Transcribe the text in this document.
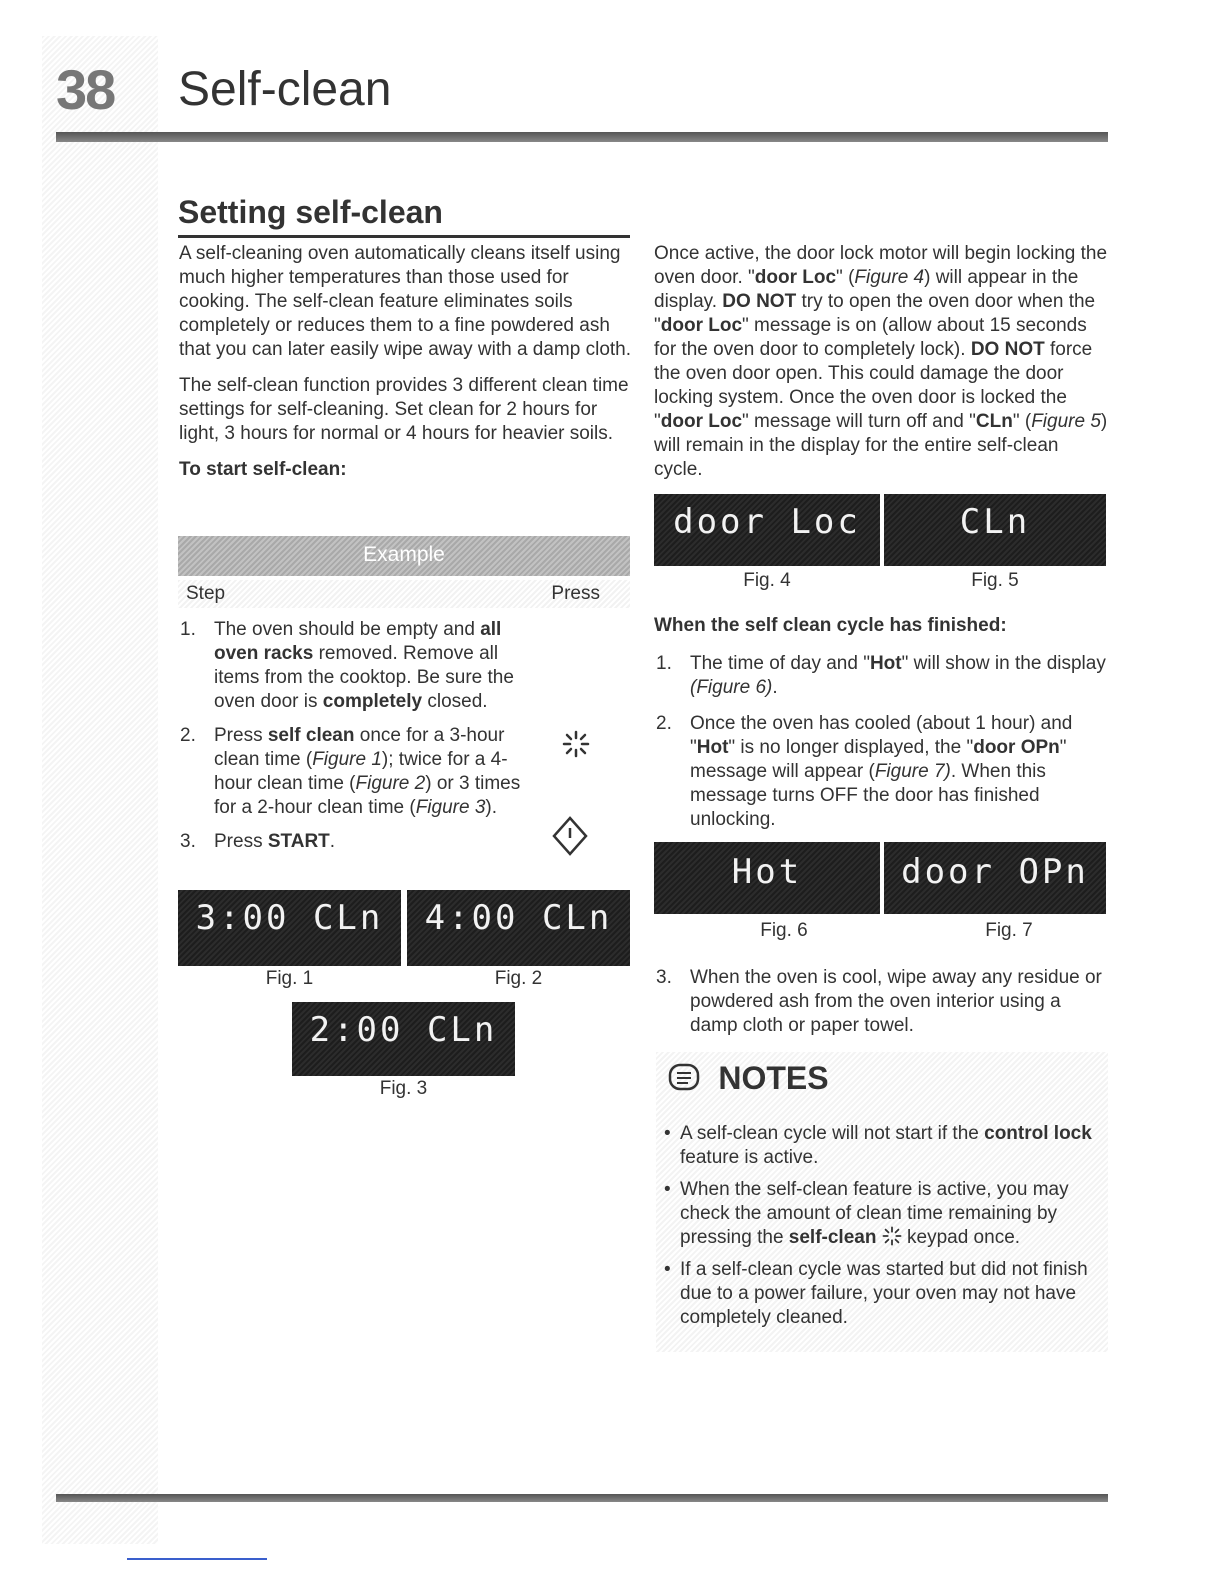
38 Self-clean
Setting self-clean

A self-cleaning oven automatically cleans itself using much higher temperatures than those used for cooking. The self-clean feature eliminates soils completely or reduces them to a fine powdered ash that you can later easily wipe away with a damp cloth.

The self-clean function provides 3 different clean time settings for self-cleaning. Set clean for 2 hours for light, 3 hours for normal or 4 hours for heavier soils.

To start self-clean:

Example
Step	Press
1. The oven should be empty and all oven racks removed. Remove all items from the cooktop. Be sure the oven door is completely closed.
2. Press self clean once for a 3-hour clean time (Figure 1); twice for a 4-hour clean time (Figure 2) or 3 times for a 2-hour clean time (Figure 3).
3. Press START.
3:00 CLn	4:00 CLn
Fig. 1	Fig. 2
2:00 CLn
Fig. 3

Once active, the door lock motor will begin locking the oven door. "door Loc" (Figure 4) will appear in the display. DO NOT try to open the oven door when the "door Loc" message is on (allow about 15 seconds for the oven door to completely lock). DO NOT force the oven door open. This could damage the door locking system. Once the oven door is locked the "door Loc" message will turn off and "CLn" (Figure 5) will remain in the display for the entire self-clean cycle.

door Loc	CLn
Fig. 4	Fig. 5

When the self clean cycle has finished:

1. The time of day and "Hot" will show in the display (Figure 6).
2. Once the oven has cooled (about 1 hour) and "Hot" is no longer displayed, the "door OPn" message will appear (Figure 7). When this message turns OFF the door has finished unlocking.
Hot	door OPn
Fig. 6	Fig. 7
3. When the oven is cool, wipe away any residue or powdered ash from the oven interior using a damp cloth or paper towel.
NOTES
• A self-clean cycle will not start if the control lock feature is active.
• When the self-clean feature is active, you may check the amount of clean time remaining by pressing the self-clean  keypad once.
• If a self-clean cycle was started but did not finish due to a power failure, your oven may not have completely cleaned.
